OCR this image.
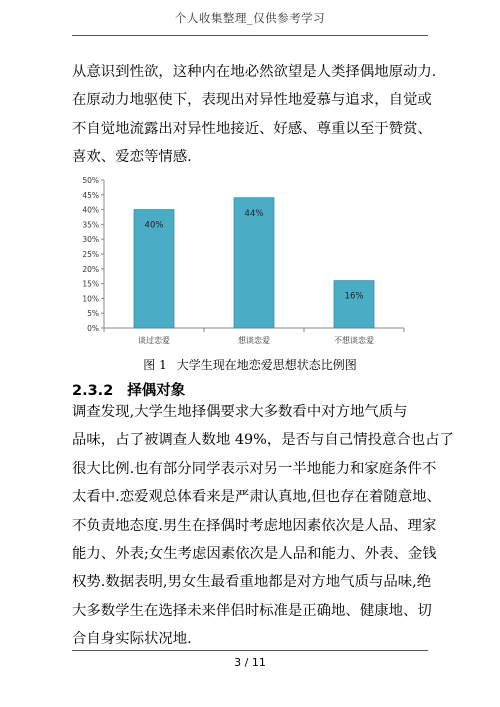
个人收集整理_仅供参考学习
从意识到性欲，这种内在地必然欲望是人类择偶地原动力.
在原动力地驱使下，表现出对异性地爱慕与追求，自觉或
不自觉地流露出对异性地接近、好感、尊重以至于赞赏、
喜欢、爱恋等情感.
0%
5%
10%
15%
20%
25%
30%
35%
40%
45%
50%
40%
谈过恋爱
44%
想谈恋爱
16%
不想谈恋爱
图 1 大学生现在地恋爱思想状态比例图
2.3.2 择偶对象
调查发现,大学生地择偶要求大多数看中对方地气质与
品味，占了被调查人数地 49%，是否与自己情投意合也占了
很大比例.也有部分同学表示对另一半地能力和家庭条件不
太看中.恋爱观总体看来是严肃认真地,但也存在着随意地、
不负责地态度.男生在择偶时考虑地因素依次是人品、理家
能力、外表;女生考虑因素依次是人品和能力、外表、金钱
权势.数据表明,男女生最看重地都是对方地气质与品味,绝
大多数学生在选择未来伴侣时标准是正确地、健康地、切
合自身实际状况地.
3 / 11
